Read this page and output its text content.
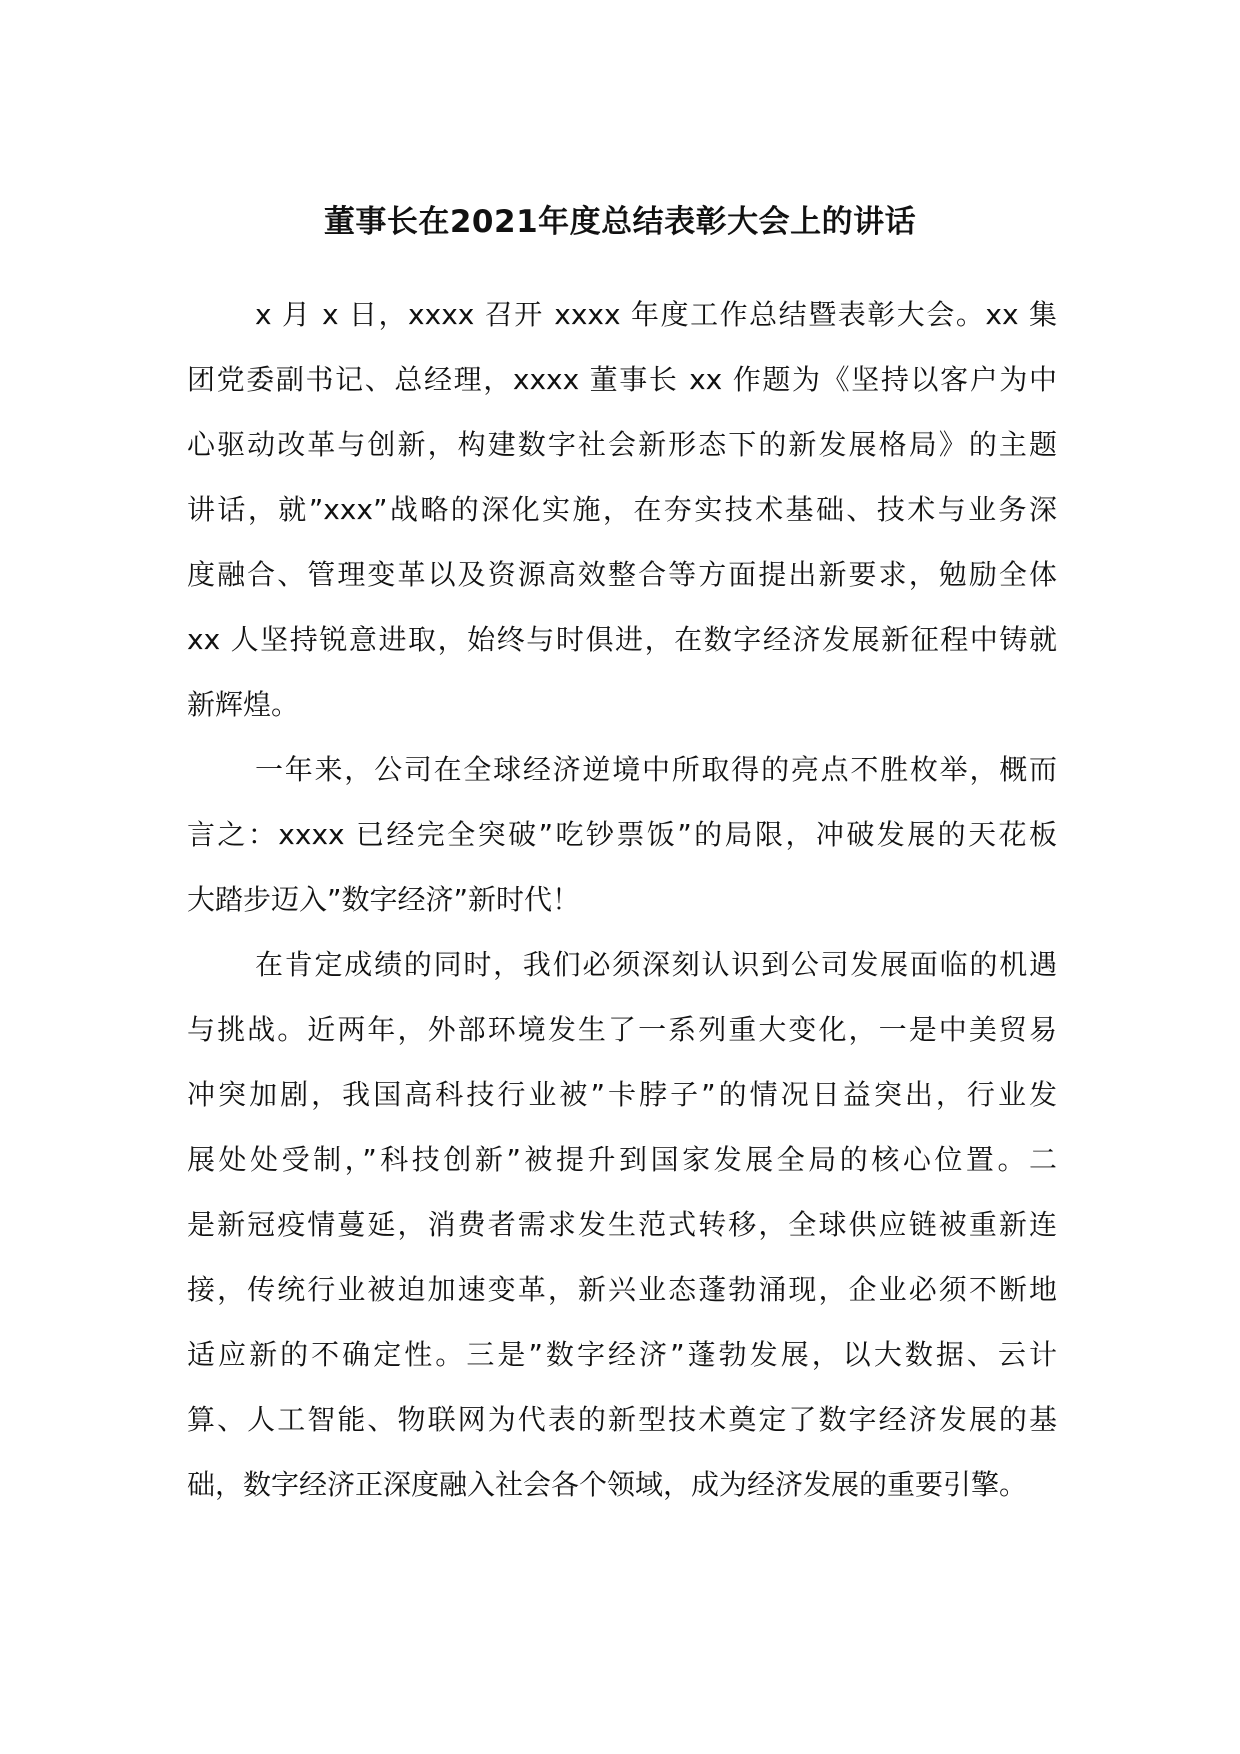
董事长在2021年度总结表彰大会上的讲话

x 月 x 日，xxxx 召开 xxxx 年度工作总结暨表彰大会。xx 集
团党委副书记、总经理，xxxx 董事长 xx 作题为《坚持以客户为中
心驱动改革与创新，构建数字社会新形态下的新发展格局》的主题
讲话，就”xxx”战略的深化实施，在夯实技术基础、技术与业务深
度融合、管理变革以及资源高效整合等方面提出新要求，勉励全体
xx 人坚持锐意进取，始终与时俱进，在数字经济发展新征程中铸就
新辉煌。

一年来，公司在全球经济逆境中所取得的亮点不胜枚举，概而
言之：xxxx 已经完全突破”吃钞票饭”的局限，冲破发展的天花板
大踏步迈入”数字经济”新时代！

在肯定成绩的同时，我们必须深刻认识到公司发展面临的机遇
与挑战。近两年，外部环境发生了一系列重大变化，一是中美贸易
冲突加剧，我国高科技行业被”卡脖子”的情况日益突出，行业发
展处处受制，”科技创新”被提升到国家发展全局的核心位置。二
是新冠疫情蔓延，消费者需求发生范式转移，全球供应链被重新连
接，传统行业被迫加速变革，新兴业态蓬勃涌现，企业必须不断地
适应新的不确定性。三是”数字经济”蓬勃发展，以大数据、云计
算、人工智能、物联网为代表的新型技术奠定了数字经济发展的基
础，数字经济正深度融入社会各个领域，成为经济发展的重要引擎。
